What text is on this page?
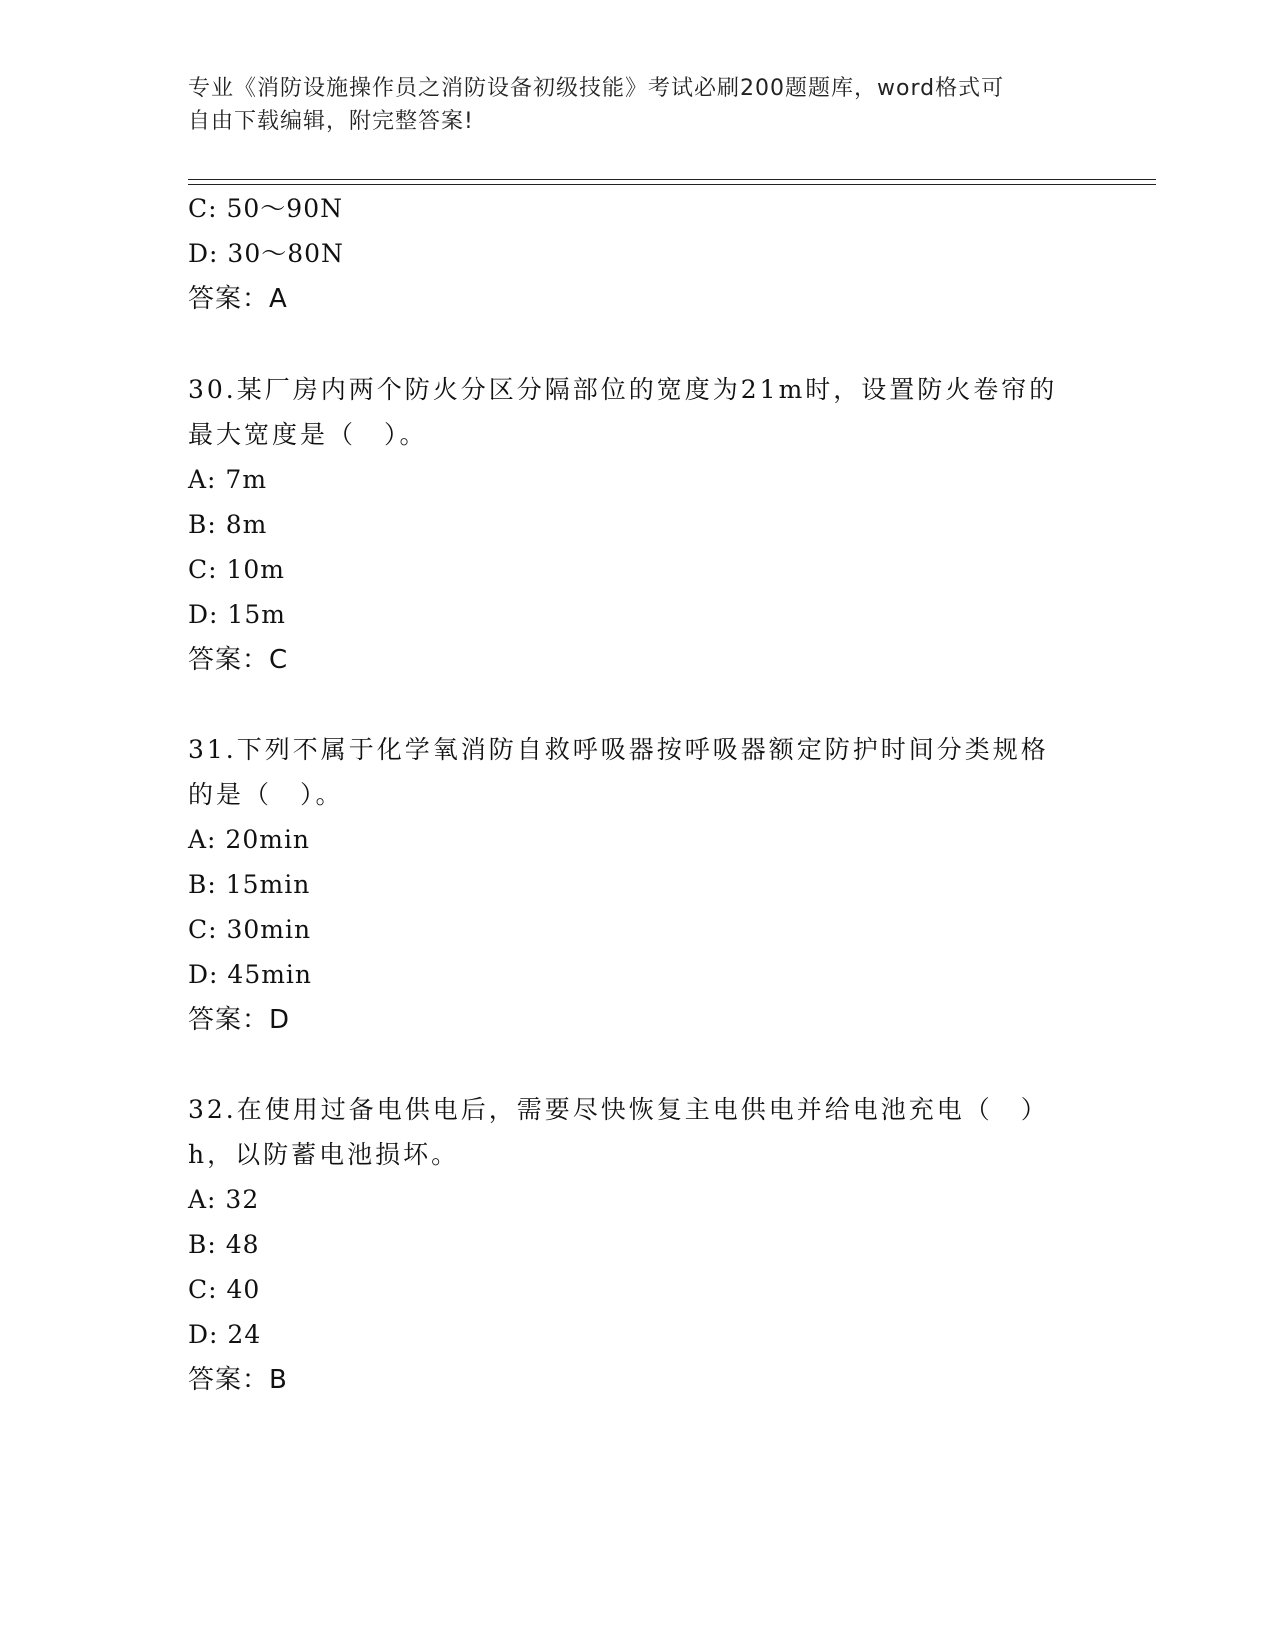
专业《消防设施操作员之消防设备初级技能》考试必刷200题题库，word格式可
自由下载编辑，附完整答案!
C: 50～90N
D: 30～80N
答案：A
30.某厂房内两个防火分区分隔部位的宽度为21m时，设置防火卷帘的
最大宽度是（　）。
A: 7m
B: 8m
C: 10m
D: 15m
答案：C
31.下列不属于化学氧消防自救呼吸器按呼吸器额定防护时间分类规格
的是（　）。
A: 20min
B: 15min
C: 30min
D: 45min
答案：D
32.在使用过备电供电后，需要尽快恢复主电供电并给电池充电（　）
h，以防蓄电池损坏。
A: 32
B: 48
C: 40
D: 24
答案：B
